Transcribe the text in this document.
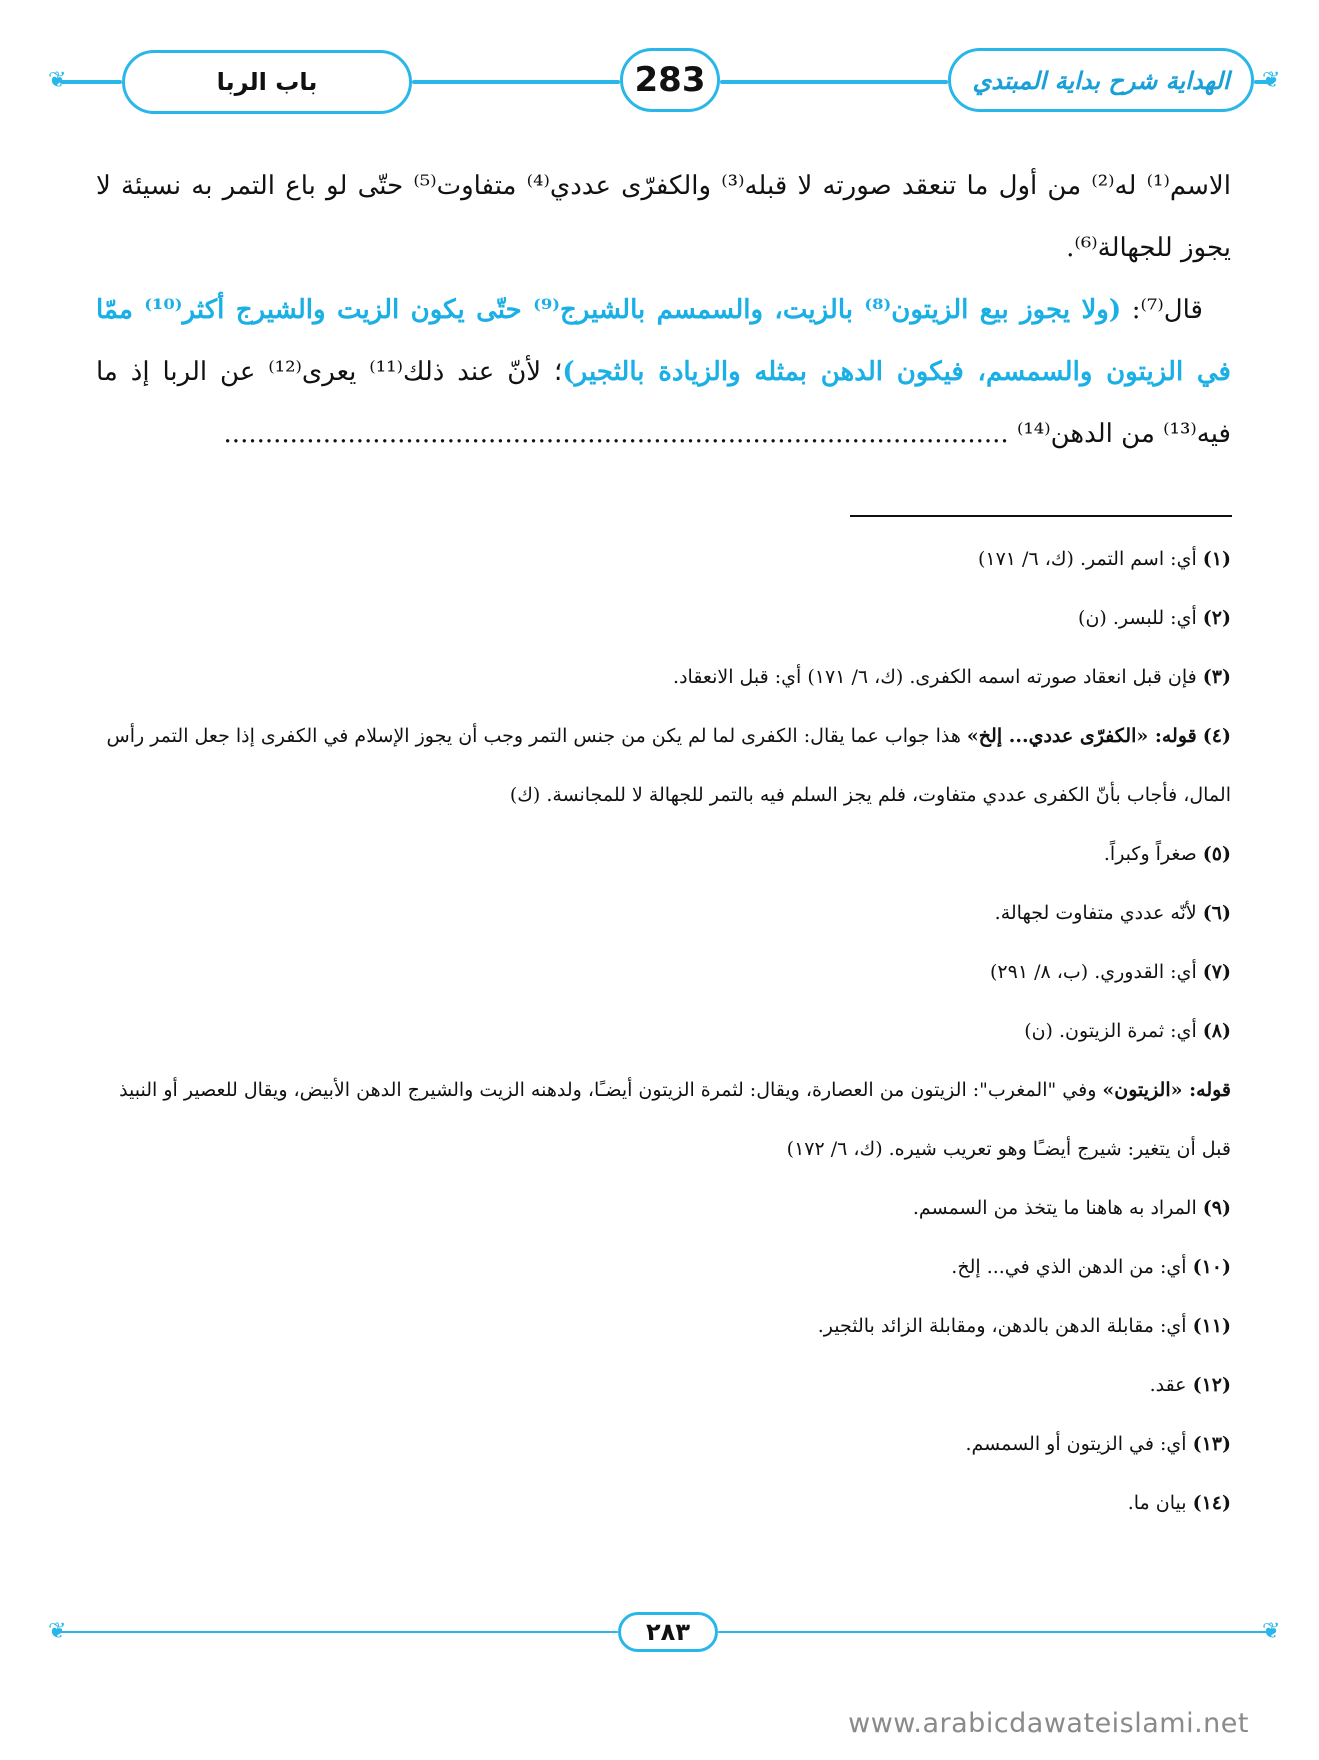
❦	❦
باب الربا	283	الهداية شرح بداية المبتدي

الاسم⁽¹⁾ له⁽²⁾ من أول ما تنعقد صورته لا قبله⁽³⁾ والكفرّى عددي⁽⁴⁾ متفاوت⁽⁵⁾ حتّى لو باع التمر به نسيئة لا يجوز للجهالة⁽⁶⁾.

قال⁽⁷⁾: (ولا يجوز بيع الزيتون⁽⁸⁾ بالزيت، والسمسم بالشيرج⁽⁹⁾ حتّى يكون الزيت والشيرج أكثر⁽¹⁰⁾ ممّا في الزيتون والسمسم، فيكون الدهن بمثله والزيادة بالثجير)؛ لأنّ عند ذلك⁽¹¹⁾ يعرى⁽¹²⁾ عن الربا إذ ما فيه⁽¹³⁾ من الدهن⁽¹⁴⁾ ...............................................................................................

(١) أي: اسم التمر. (ك، ٦/ ١٧١)

(٢) أي: للبسر. (ن)

(٣) فإن قبل انعقاد صورته اسمه الكفرى. (ك، ٦/ ١٧١) أي: قبل الانعقاد.

(٤) قوله: «الكفرّى عددي... إلخ» هذا جواب عما يقال: الكفرى لما لم يكن من جنس التمر وجب أن يجوز الإسلام في الكفرى إذا جعل التمر رأس المال، فأجاب بأنّ الكفرى عددي متفاوت، فلم يجز السلم فيه بالتمر للجهالة لا للمجانسة. (ك)

(٥) صغراً وكبراً.

(٦) لأنّه عددي متفاوت لجهالة.

(٧) أي: القدوري. (ب، ٨/ ٢٩١)

(٨) أي: ثمرة الزيتون. (ن)

قوله: «الزيتون» وفي "المغرب": الزيتون من العصارة، ويقال: لثمرة الزيتون أيضـًا، ولدهنه الزيت والشيرج الدهن الأبيض، ويقال للعصير أو النبيذ قبل أن يتغير: شيرج أيضـًا وهو تعريب شيره. (ك، ٦/ ١٧٢)

(٩) المراد به هاهنا ما يتخذ من السمسم.

(١٠) أي: من الدهن الذي في... إلخ.

(١١) أي: مقابلة الدهن بالدهن، ومقابلة الزائد بالثجير.

(١٢) عقد.

(١٣) أي: في الزيتون أو السمسم.

(١٤) بيان ما.

❦	❦
٢٨٣
www.arabicdawateislami.net
